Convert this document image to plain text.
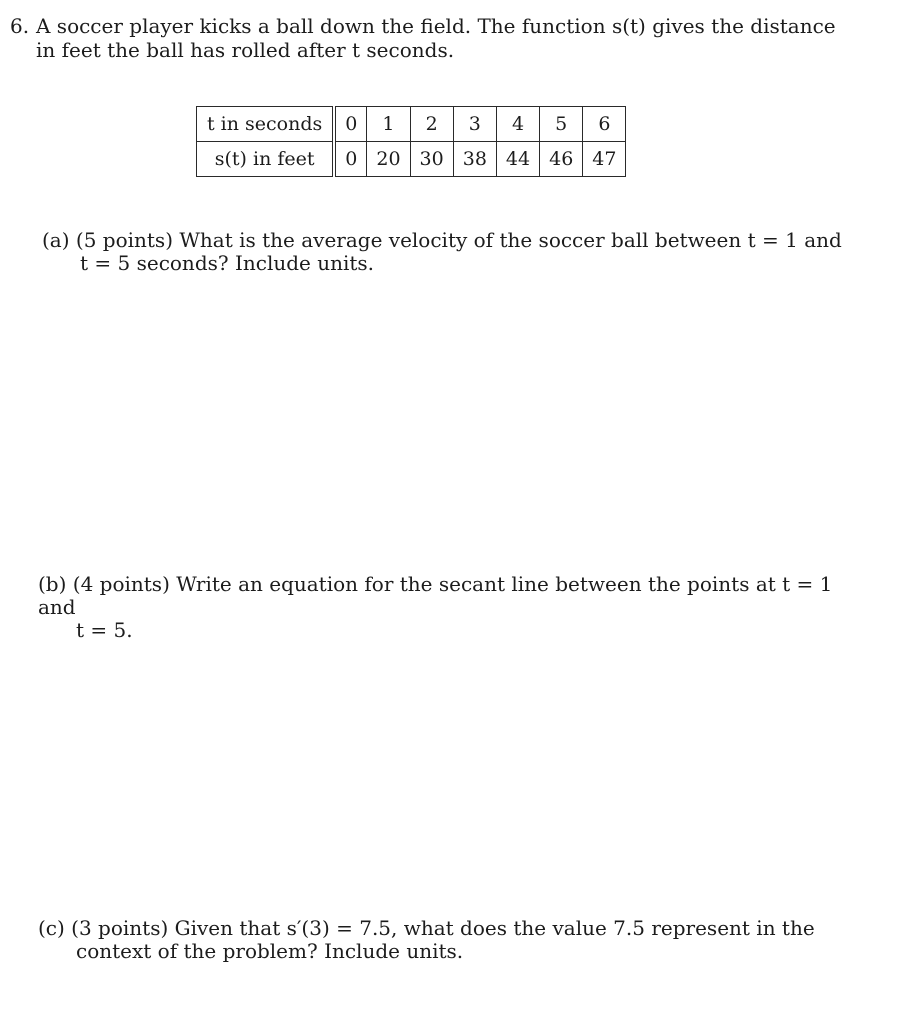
6. A soccer player kicks a ball down the field. The function s(t) gives the distance
in feet the ball has rolled after t seconds.
t in seconds	0	1	2	3	4	5	6
s(t) in feet	0	20	30	38	44	46	47
(a) (5 points) What is the average velocity of the soccer ball between t = 1 and
t = 5 seconds? Include units.
(b) (4 points) Write an equation for the secant line between the points at t = 1 and
t = 5.
(c) (3 points) Given that s′(3) = 7.5, what does the value 7.5 represent in the
context of the problem? Include units.
